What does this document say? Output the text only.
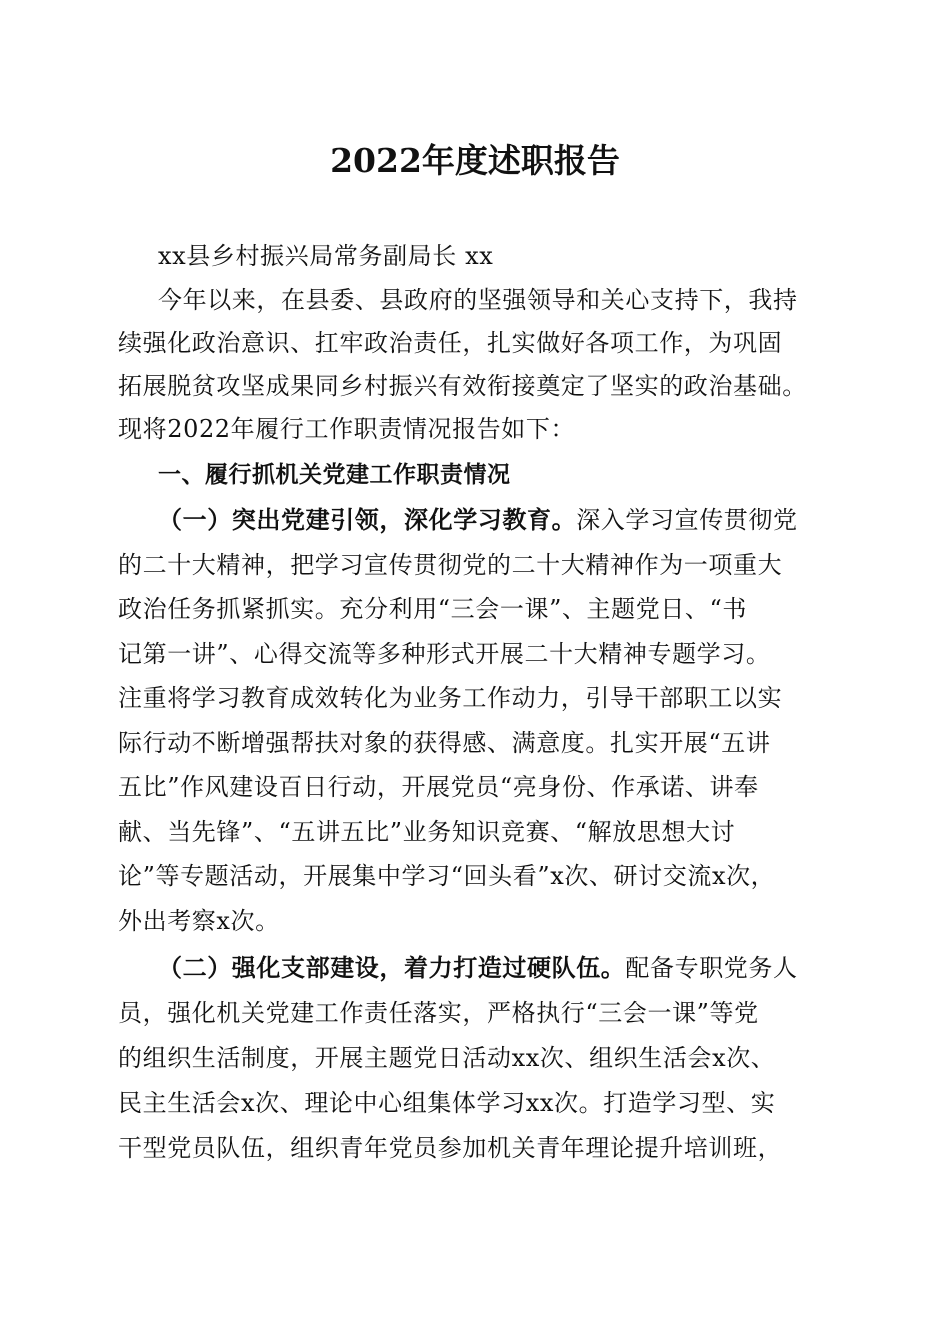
2022年度述职报告
xx县乡村振兴局常务副局长 xx
今年以来，在县委、县政府的坚强领导和关心支持下，我持
续强化政治意识、扛牢政治责任，扎实做好各项工作，为巩固
拓展脱贫攻坚成果同乡村振兴有效衔接奠定了坚实的政治基础。
现将2022年履行工作职责情况报告如下：
一、履行抓机关党建工作职责情况
（一）突出党建引领，深化学习教育。深入学习宣传贯彻党
的二十大精神，把学习宣传贯彻党的二十大精神作为一项重大
政治任务抓紧抓实。充分利用“三会一课”、主题党日、“书
记第一讲”、心得交流等多种形式开展二十大精神专题学习。
注重将学习教育成效转化为业务工作动力，引导干部职工以实
际行动不断增强帮扶对象的获得感、满意度。扎实开展“五讲
五比”作风建设百日行动，开展党员“亮身份、作承诺、讲奉
献、当先锋”、“五讲五比”业务知识竞赛、“解放思想大讨
论”等专题活动，开展集中学习“回头看”x次、研讨交流x次，
外出考察x次。
（二）强化支部建设，着力打造过硬队伍。配备专职党务人
员，强化机关党建工作责任落实，严格执行“三会一课”等党
的组织生活制度，开展主题党日活动xx次、组织生活会x次、
民主生活会x次、理论中心组集体学习xx次。打造学习型、实
干型党员队伍，组织青年党员参加机关青年理论提升培训班，
